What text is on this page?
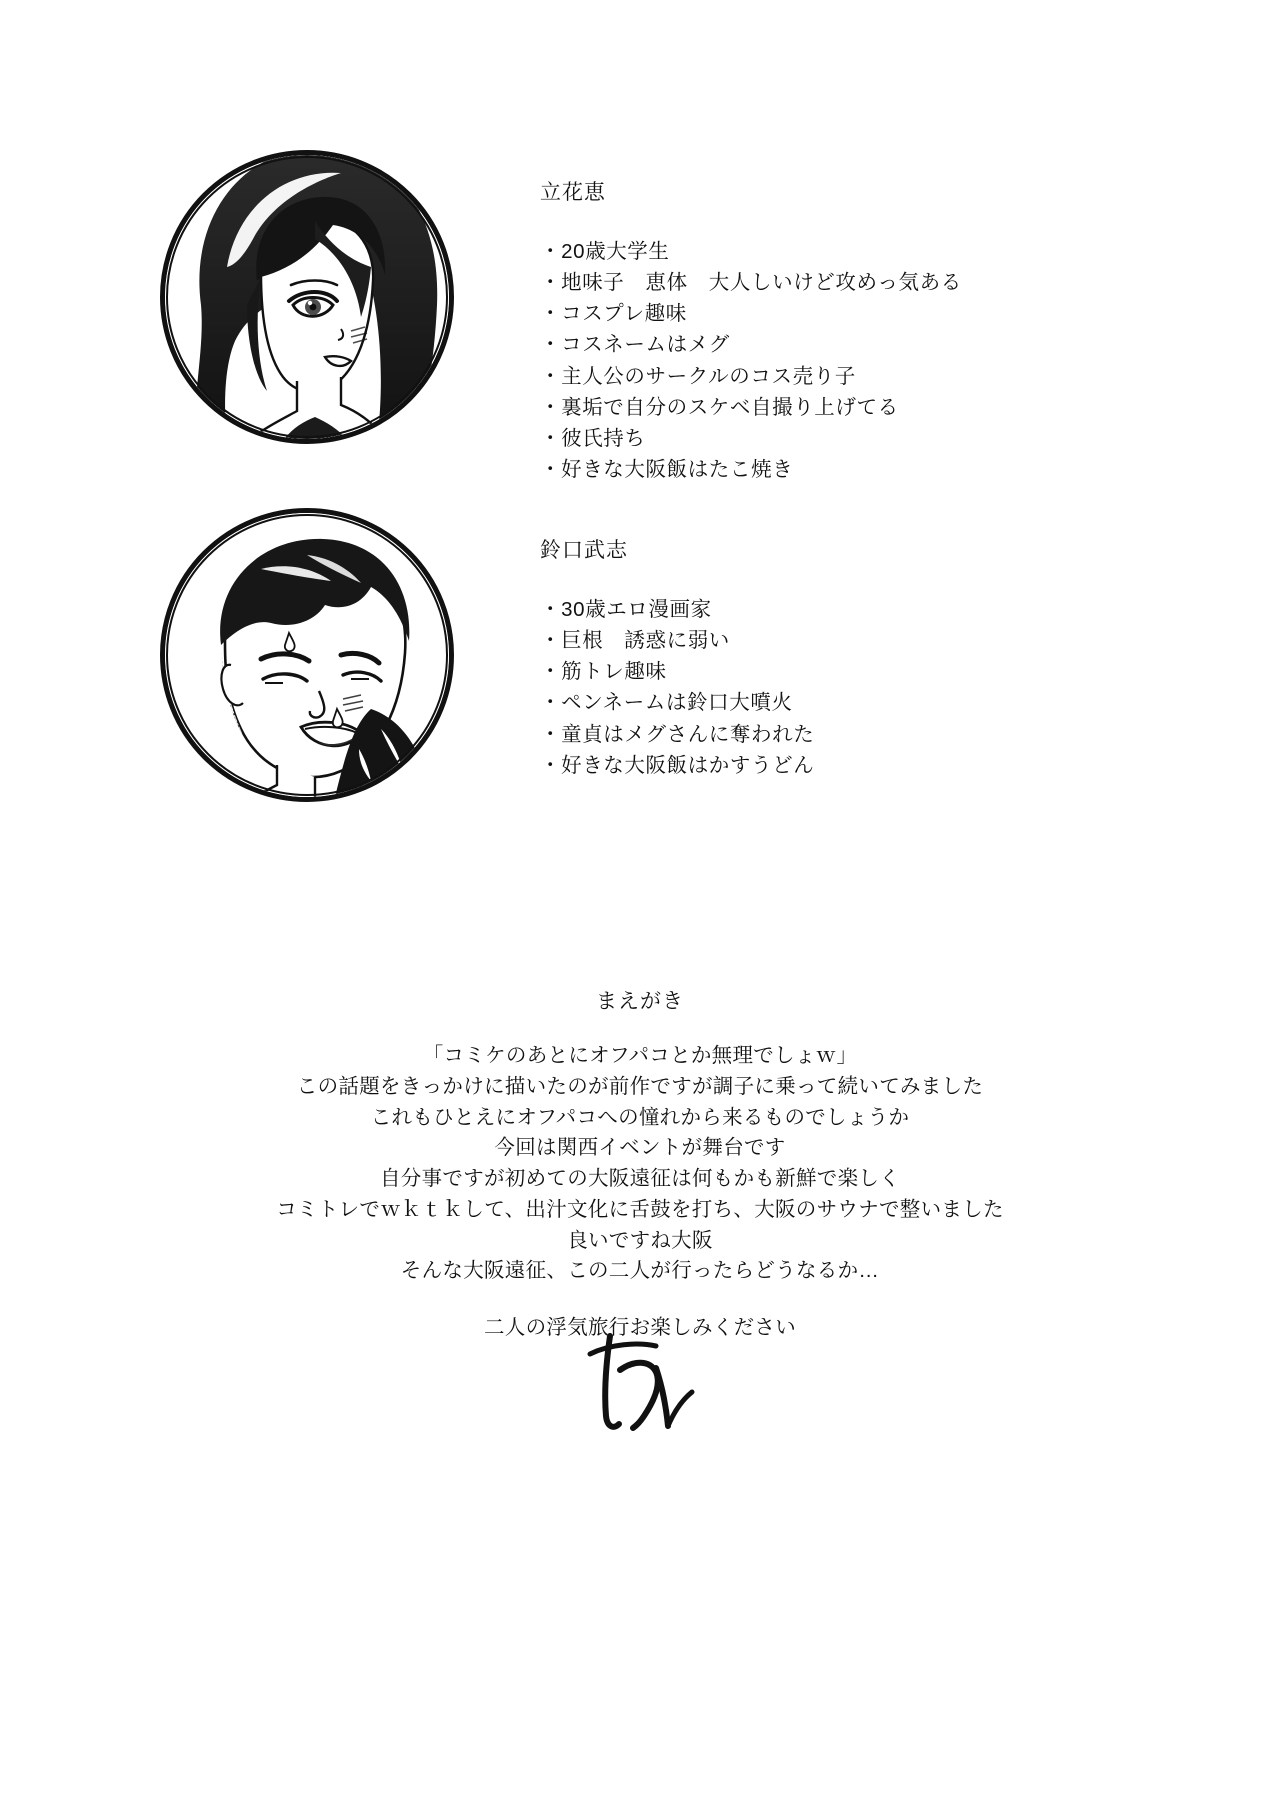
立花恵
・20歳大学生
・地味子　恵体　大人しいけど攻めっ気ある
・コスプレ趣味
・コスネームはメグ
・主人公のサークルのコス売り子
・裏垢で自分のスケベ自撮り上げてる
・彼氏持ち
・好きな大阪飯はたこ焼き
鈴口武志
・30歳エロ漫画家
・巨根　誘惑に弱い
・筋トレ趣味
・ペンネームは鈴口大噴火
・童貞はメグさんに奪われた
・好きな大阪飯はかすうどん
まえがき
「コミケのあとにオフパコとか無理でしょｗ」
この話題をきっかけに描いたのが前作ですが調子に乗って続いてみました
これもひとえにオフパコへの憧れから来るものでしょうか
今回は関西イベントが舞台です
自分事ですが初めての大阪遠征は何もかも新鮮で楽しく
コミトレでｗｋｔｋして、出汁文化に舌鼓を打ち、大阪のサウナで整いました
良いですね大阪
そんな大阪遠征、この二人が行ったらどうなるか…
二人の浮気旅行お楽しみください
